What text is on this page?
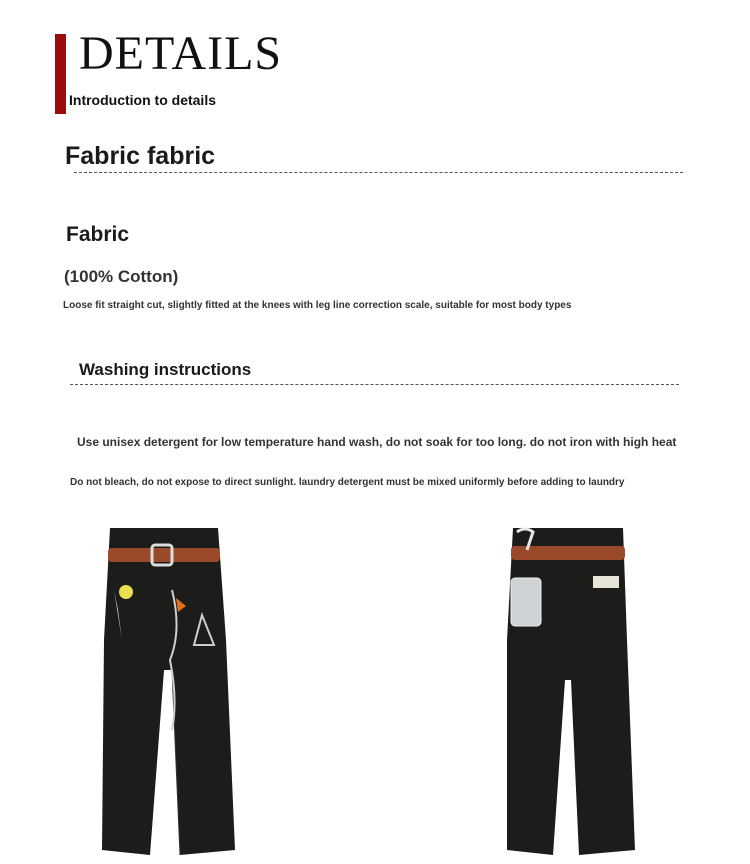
DETAILS
Introduction to details
Fabric fabric
Fabric
(100% Cotton)
Loose fit straight cut, slightly fitted at the knees with leg line correction scale, suitable for most body types
Washing instructions
Use unisex detergent for low temperature hand wash, do not soak for too long. do not iron with high heat
Do not bleach, do not expose to direct sunlight. laundry detergent must be mixed uniformly before adding to laundry
